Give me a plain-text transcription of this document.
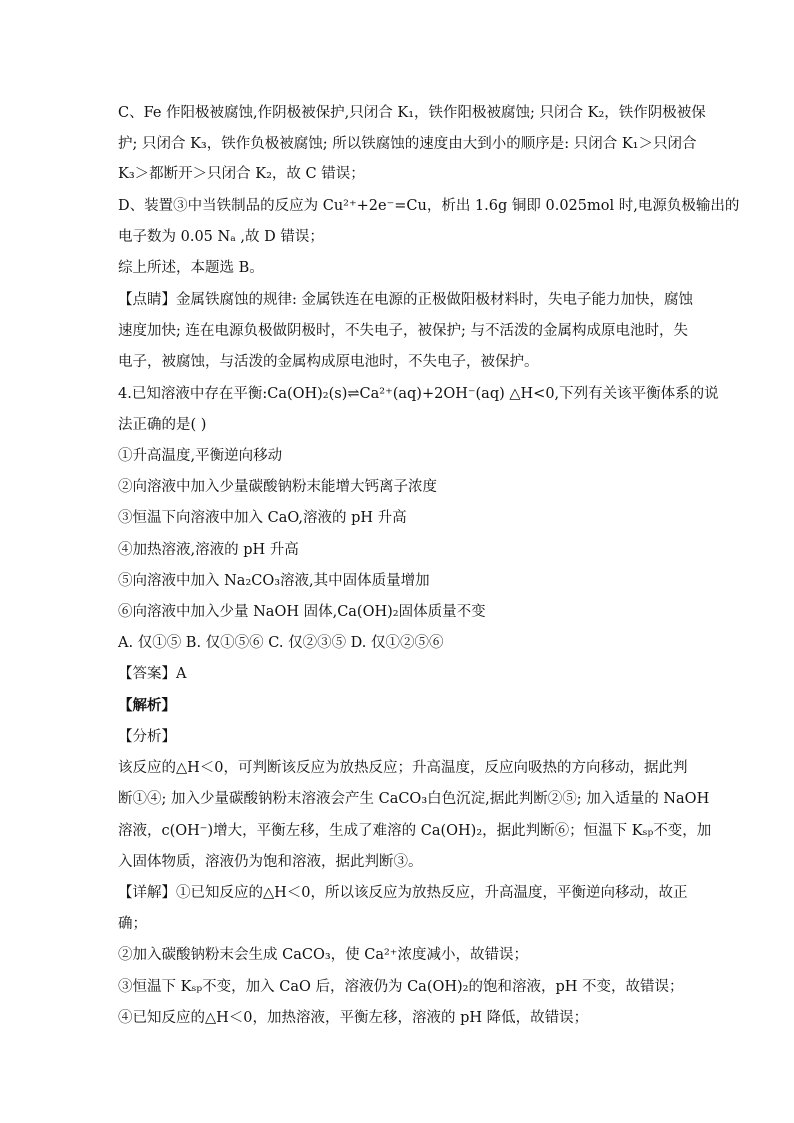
C、Fe 作阳极被腐蚀,作阴极被保护,只闭合 K₁，铁作阳极被腐蚀; 只闭合 K₂，铁作阴极被保
护; 只闭合 K₃，铁作负极被腐蚀; 所以铁腐蚀的速度由大到小的顺序是: 只闭合 K₁＞只闭合
K₃＞都断开＞只闭合 K₂，故 C 错误；
D、装置③中当铁制品的反应为 Cu²⁺+2e⁻=Cu，析出 1.6g 铜即 0.025mol 时,电源负极输出的
电子数为 0.05 Nₐ ,故 D 错误；
综上所述，本题选 B。
【点睛】金属铁腐蚀的规律: 金属铁连在电源的正极做阳极材料时，失电子能力加快，腐蚀
速度加快; 连在电源负极做阴极时，不失电子，被保护; 与不活泼的金属构成原电池时，失
电子，被腐蚀，与活泼的金属构成原电池时，不失电子，被保护。
4.已知溶液中存在平衡:Ca(OH)₂(s)⇌Ca²⁺(aq)+2OH⁻(aq) △H<0,下列有关该平衡体系的说
法正确的是( )
①升高温度,平衡逆向移动
②向溶液中加入少量碳酸钠粉末能增大钙离子浓度
③恒温下向溶液中加入 CaO,溶液的 pH 升高
④加热溶液,溶液的 pH 升高
⑤向溶液中加入 Na₂CO₃溶液,其中固体质量增加
⑥向溶液中加入少量 NaOH 固体,Ca(OH)₂固体质量不变
A. 仅①⑤ B. 仅①⑤⑥ C. 仅②③⑤ D. 仅①②⑤⑥
【答案】A
【解析】
【分析】
该反应的△H＜0，可判断该反应为放热反应；升高温度，反应向吸热的方向移动，据此判
断①④; 加入少量碳酸钠粉末溶液会产生 CaCO₃白色沉淀,据此判断②⑤; 加入适量的 NaOH
溶液，c(OH⁻)增大，平衡左移，生成了难溶的 Ca(OH)₂，据此判断⑥；恒温下 Kₛₚ不变，加
入固体物质，溶液仍为饱和溶液，据此判断③。
【详解】①已知反应的△H＜0，所以该反应为放热反应，升高温度，平衡逆向移动，故正
确；
②加入碳酸钠粉末会生成 CaCO₃，使 Ca²⁺浓度减小，故错误；
③恒温下 Kₛₚ不变，加入 CaO 后，溶液仍为 Ca(OH)₂的饱和溶液，pH 不变，故错误；
④已知反应的△H＜0，加热溶液，平衡左移，溶液的 pH 降低，故错误；
